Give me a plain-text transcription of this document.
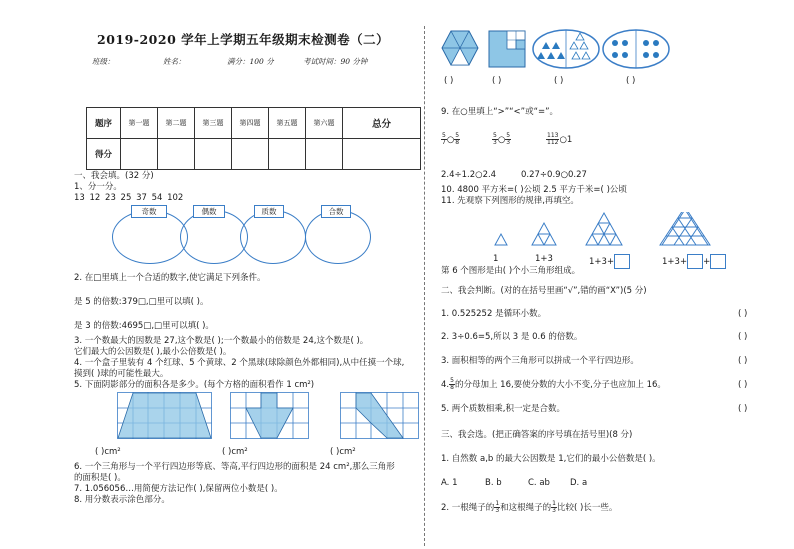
2019-2020 学年上学期五年级期末检测卷（二）
班级：	姓名：	满分：100 分	考试时间：90 分钟
题序	第一题	第二题	第三题	第四题	第五题	第六题	总分
得分							
一、我会填。(32 分)
1、分一分。
13 12 23 25 37 54 102
奇数	偶数	质数	合数
2. 在□里填上一个合适的数字,使它满足下列条件。
是 5 的倍数:379□,□里可以填( )。
是 3 的倍数:4695□,□里可以填( )。
3. 一个数最大的因数是 27,这个数是( );一个数最小的倍数是 24,这个数是( )。
它们最大的公因数是( ),最小公倍数是( )。
4. 一个盒子里装有 4 个红球、5 个黄球、2 个黑球(球除颜色外都相同),从中任摸一个球,
摸到( )球的可能性最大。
5. 下面阴影部分的面积各是多少。(每个方格的面积看作 1 cm²)
( )cm²	( )cm²	( )cm²
6. 一个三角形与一个平行四边形等底、等高,平行四边形的面积是 24 cm²,那么三角形
的面积是( )。
7. 1.056056…用简便方法记作( ),保留两位小数是( )。
8. 用分数表示涂色部分。
( )	( )	( )	( )
9. 在○里填上“>”“<”或“=”。
$\frac{5}{7}$ ○ $\frac{5}{8}$	$\frac{5}{3}$ ○ $\frac{5}{3}$	$\frac{113}{112}$ ○1
2.4÷1.2○2.4	0.27÷0.9○0.27
10. 4800 平方米=( )公顷 2.5 平方千米=( )公顷
11. 先观察下列图形的规律,再填空。
1	1+3	1+3+	1+3+ +
第 6 个图形是由( )个小三角形组成。
二、我会判断。(对的在括号里画“√”,错的画“X”)(5 分)
1. 0.525252 是循环小数。
2. 3÷0.6=5,所以 3 是 0.6 的倍数。
3. 面积相等的两个三角形可以拼成一个平行四边形。
4. $\frac{5}{8}$ 的分母加上 16,要使分数的大小不变,分子也应加上 16。
5. 两个质数相乘,积一定是合数。
( )
( )
( )
( )
( )
三、我会选。(把正确答案的序号填在括号里)(8 分)
1. 自然数 a,b 的最大公因数是 1,它们的最小公倍数是( )。
A. 1	B. b	C. ab D. a
2. 一根绳子的 $\frac{1}{3}$ 和这根绳子的 $\frac{1}{3}$ 比较( )长一些。
